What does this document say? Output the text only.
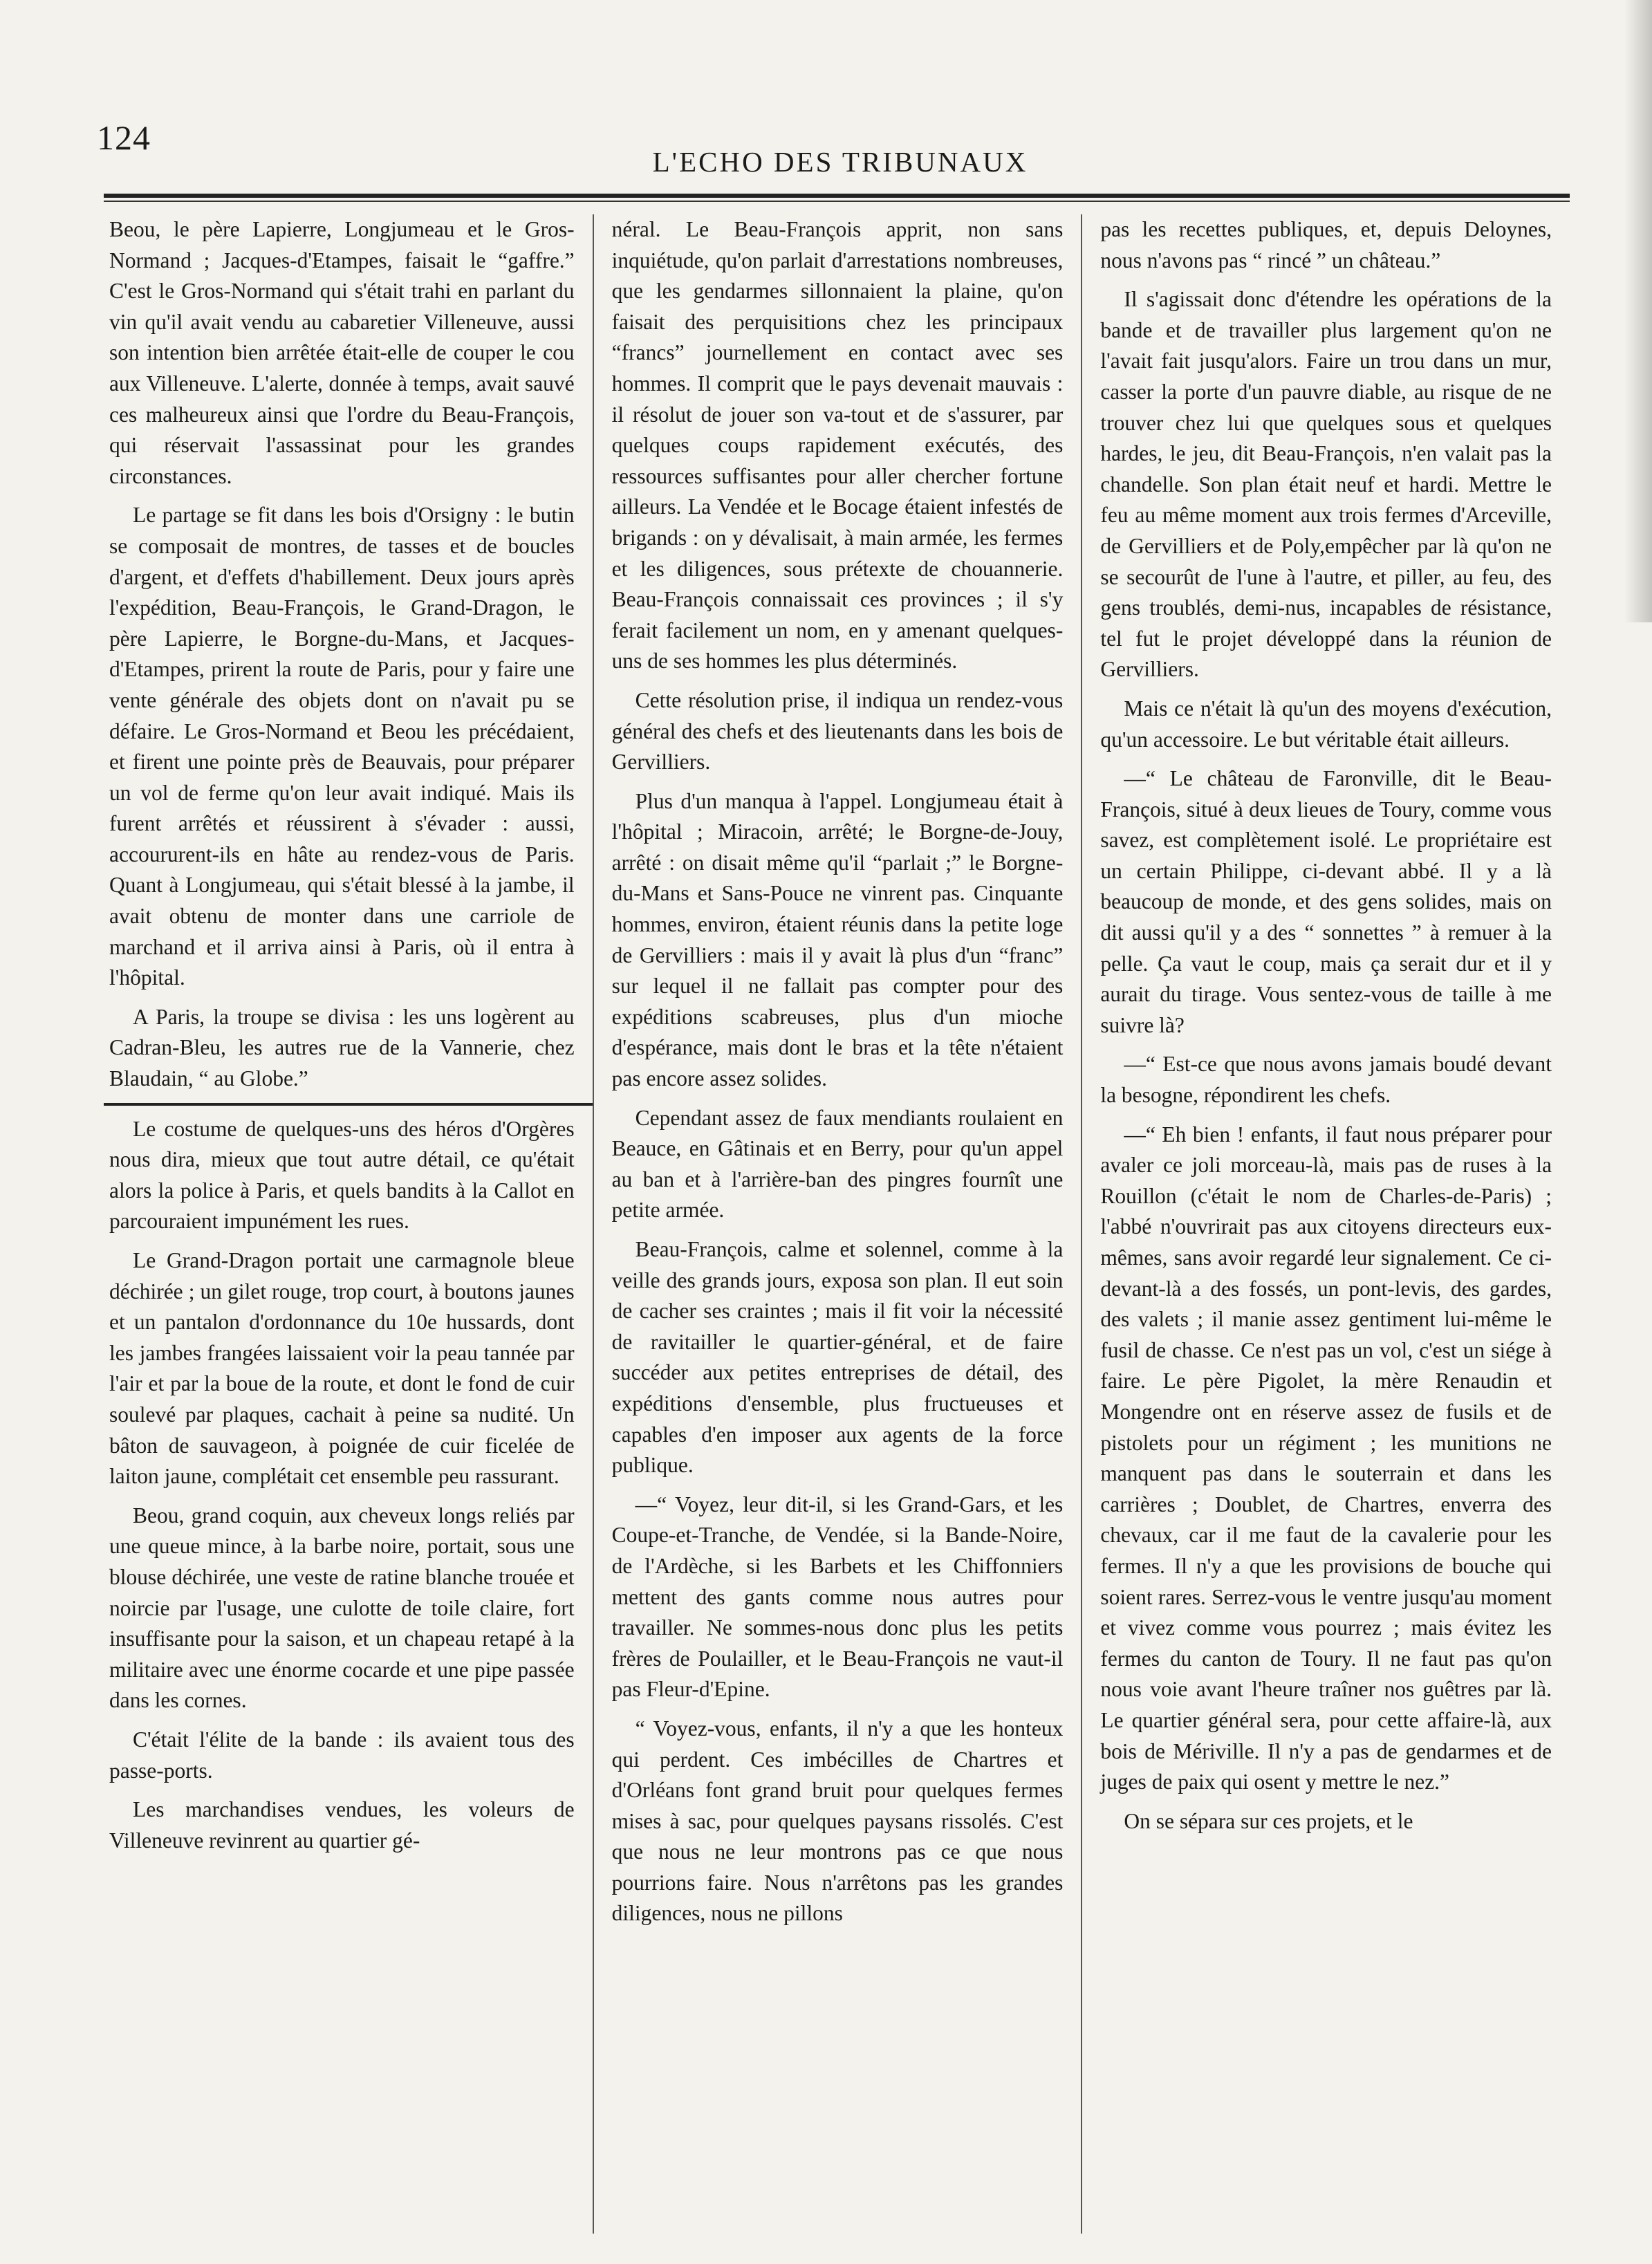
124
L'ECHO DES TRIBUNAUX

Beou, le père Lapierre, Longjumeau et le Gros-Normand ; Jacques-d'Etampes, faisait le “gaffre.” C'est le Gros-Normand qui s'était trahi en parlant du vin qu'il avait vendu au cabaretier Villeneuve, aussi son intention bien arrêtée était-elle de couper le cou aux Villeneuve. L'alerte, donnée à temps, avait sauvé ces malheureux ainsi que l'ordre du Beau-François, qui réservait l'assassinat pour les grandes circonstances.

Le partage se fit dans les bois d'Orsigny : le butin se composait de montres, de tasses et de boucles d'argent, et d'effets d'habillement. Deux jours après l'expédition, Beau-François, le Grand-Dragon, le père Lapierre, le Borgne-du-Mans, et Jacques-d'Etampes, prirent la route de Paris, pour y faire une vente générale des objets dont on n'avait pu se défaire. Le Gros-Normand et Beou les précédaient, et firent une pointe près de Beauvais, pour préparer un vol de ferme qu'on leur avait indiqué. Mais ils furent arrêtés et réussirent à s'évader : aussi, accoururent-ils en hâte au rendez-vous de Paris. Quant à Longjumeau, qui s'était blessé à la jambe, il avait obtenu de monter dans une carriole de marchand et il arriva ainsi à Paris, où il entra à l'hôpital.

A Paris, la troupe se divisa : les uns logèrent au Cadran-Bleu, les autres rue de la Vannerie, chez Blaudain, “ au Globe.”

Le costume de quelques-uns des héros d'Orgères nous dira, mieux que tout autre détail, ce qu'était alors la police à Paris, et quels bandits à la Callot en parcouraient impunément les rues.

Le Grand-Dragon portait une carmagnole bleue déchirée ; un gilet rouge, trop court, à boutons jaunes et un pantalon d'ordonnance du 10e hussards, dont les jambes frangées laissaient voir la peau tannée par l'air et par la boue de la route, et dont le fond de cuir soulevé par plaques, cachait à peine sa nudité. Un bâton de sauvageon, à poignée de cuir ficelée de laiton jaune, complétait cet ensemble peu rassurant.

Beou, grand coquin, aux cheveux longs reliés par une queue mince, à la barbe noire, portait, sous une blouse déchirée, une veste de ratine blanche trouée et noircie par l'usage, une culotte de toile claire, fort insuffisante pour la saison, et un chapeau retapé à la militaire avec une énorme cocarde et une pipe passée dans les cornes.

C'était l'élite de la bande : ils avaient tous des passe-ports.

Les marchandises vendues, les voleurs de Villeneuve revinrent au quartier gé-

néral. Le Beau-François apprit, non sans inquiétude, qu'on parlait d'arrestations nombreuses, que les gendarmes sillonnaient la plaine, qu'on faisait des perquisitions chez les principaux “francs” journellement en contact avec ses hommes. Il comprit que le pays devenait mauvais : il résolut de jouer son va-tout et de s'assurer, par quelques coups rapidement exécutés, des ressources suffisantes pour aller chercher fortune ailleurs. La Vendée et le Bocage étaient infestés de brigands : on y dévalisait, à main armée, les fermes et les diligences, sous prétexte de chouannerie. Beau-François connaissait ces provinces ; il s'y ferait facilement un nom, en y amenant quelques-uns de ses hommes les plus déterminés.

Cette résolution prise, il indiqua un rendez-vous général des chefs et des lieutenants dans les bois de Gervilliers.

Plus d'un manqua à l'appel. Longjumeau était à l'hôpital ; Miracoin, arrêté; le Borgne-de-Jouy, arrêté : on disait même qu'il “parlait ;” le Borgne-du-Mans et Sans-Pouce ne vinrent pas. Cinquante hommes, environ, étaient réunis dans la petite loge de Gervilliers : mais il y avait là plus d'un “franc” sur lequel il ne fallait pas compter pour des expéditions scabreuses, plus d'un mioche d'espérance, mais dont le bras et la tête n'étaient pas encore assez solides.

Cependant assez de faux mendiants roulaient en Beauce, en Gâtinais et en Berry, pour qu'un appel au ban et à l'arrière-ban des pingres fournît une petite armée.

Beau-François, calme et solennel, comme à la veille des grands jours, exposa son plan. Il eut soin de cacher ses craintes ; mais il fit voir la nécessité de ravitailler le quartier-général, et de faire succéder aux petites entreprises de détail, des expéditions d'ensemble, plus fructueuses et capables d'en imposer aux agents de la force publique.

—“ Voyez, leur dit-il, si les Grand-Gars, et les Coupe-et-Tranche, de Vendée, si la Bande-Noire, de l'Ardèche, si les Barbets et les Chiffonniers mettent des gants comme nous autres pour travailler. Ne sommes-nous donc plus les petits frères de Poulailler, et le Beau-François ne vaut-il pas Fleur-d'Epine.

“ Voyez-vous, enfants, il n'y a que les honteux qui perdent. Ces imbécilles de Chartres et d'Orléans font grand bruit pour quelques fermes mises à sac, pour quelques paysans rissolés. C'est que nous ne leur montrons pas ce que nous pourrions faire. Nous n'arrêtons pas les grandes diligences, nous ne pillons

pas les recettes publiques, et, depuis Deloynes, nous n'avons pas “ rincé ” un château.”

Il s'agissait donc d'étendre les opérations de la bande et de travailler plus largement qu'on ne l'avait fait jusqu'alors. Faire un trou dans un mur, casser la porte d'un pauvre diable, au risque de ne trouver chez lui que quelques sous et quelques hardes, le jeu, dit Beau-François, n'en valait pas la chandelle. Son plan était neuf et hardi. Mettre le feu au même moment aux trois fermes d'Arceville, de Gervilliers et de Poly,empêcher par là qu'on ne se secourût de l'une à l'autre, et piller, au feu, des gens troublés, demi-nus, incapables de résistance, tel fut le projet développé dans la réunion de Gervilliers.

Mais ce n'était là qu'un des moyens d'exécution, qu'un accessoire. Le but véritable était ailleurs.

—“ Le château de Faronville, dit le Beau-François, situé à deux lieues de Toury, comme vous savez, est complètement isolé. Le propriétaire est un certain Philippe, ci-devant abbé. Il y a là beaucoup de monde, et des gens solides, mais on dit aussi qu'il y a des “ sonnettes ” à remuer à la pelle. Ça vaut le coup, mais ça serait dur et il y aurait du tirage. Vous sentez-vous de taille à me suivre là?

—“ Est-ce que nous avons jamais boudé devant la besogne, répondirent les chefs.

—“ Eh bien ! enfants, il faut nous préparer pour avaler ce joli morceau-là, mais pas de ruses à la Rouillon (c'était le nom de Charles-de-Paris) ; l'abbé n'ouvrirait pas aux citoyens directeurs eux-mêmes, sans avoir regardé leur signalement. Ce ci-devant-là a des fossés, un pont-levis, des gardes, des valets ; il manie assez gentiment lui-même le fusil de chasse. Ce n'est pas un vol, c'est un siége à faire. Le père Pigolet, la mère Renaudin et Mongendre ont en réserve assez de fusils et de pistolets pour un régiment ; les munitions ne manquent pas dans le souterrain et dans les carrières ; Doublet, de Chartres, enverra des chevaux, car il me faut de la cavalerie pour les fermes. Il n'y a que les provisions de bouche qui soient rares. Serrez-vous le ventre jusqu'au moment et vivez comme vous pourrez ; mais évitez les fermes du canton de Toury. Il ne faut pas qu'on nous voie avant l'heure traîner nos guêtres par là. Le quartier général sera, pour cette affaire-là, aux bois de Mériville. Il n'y a pas de gendarmes et de juges de paix qui osent y mettre le nez.”

On se sépara sur ces projets, et le
